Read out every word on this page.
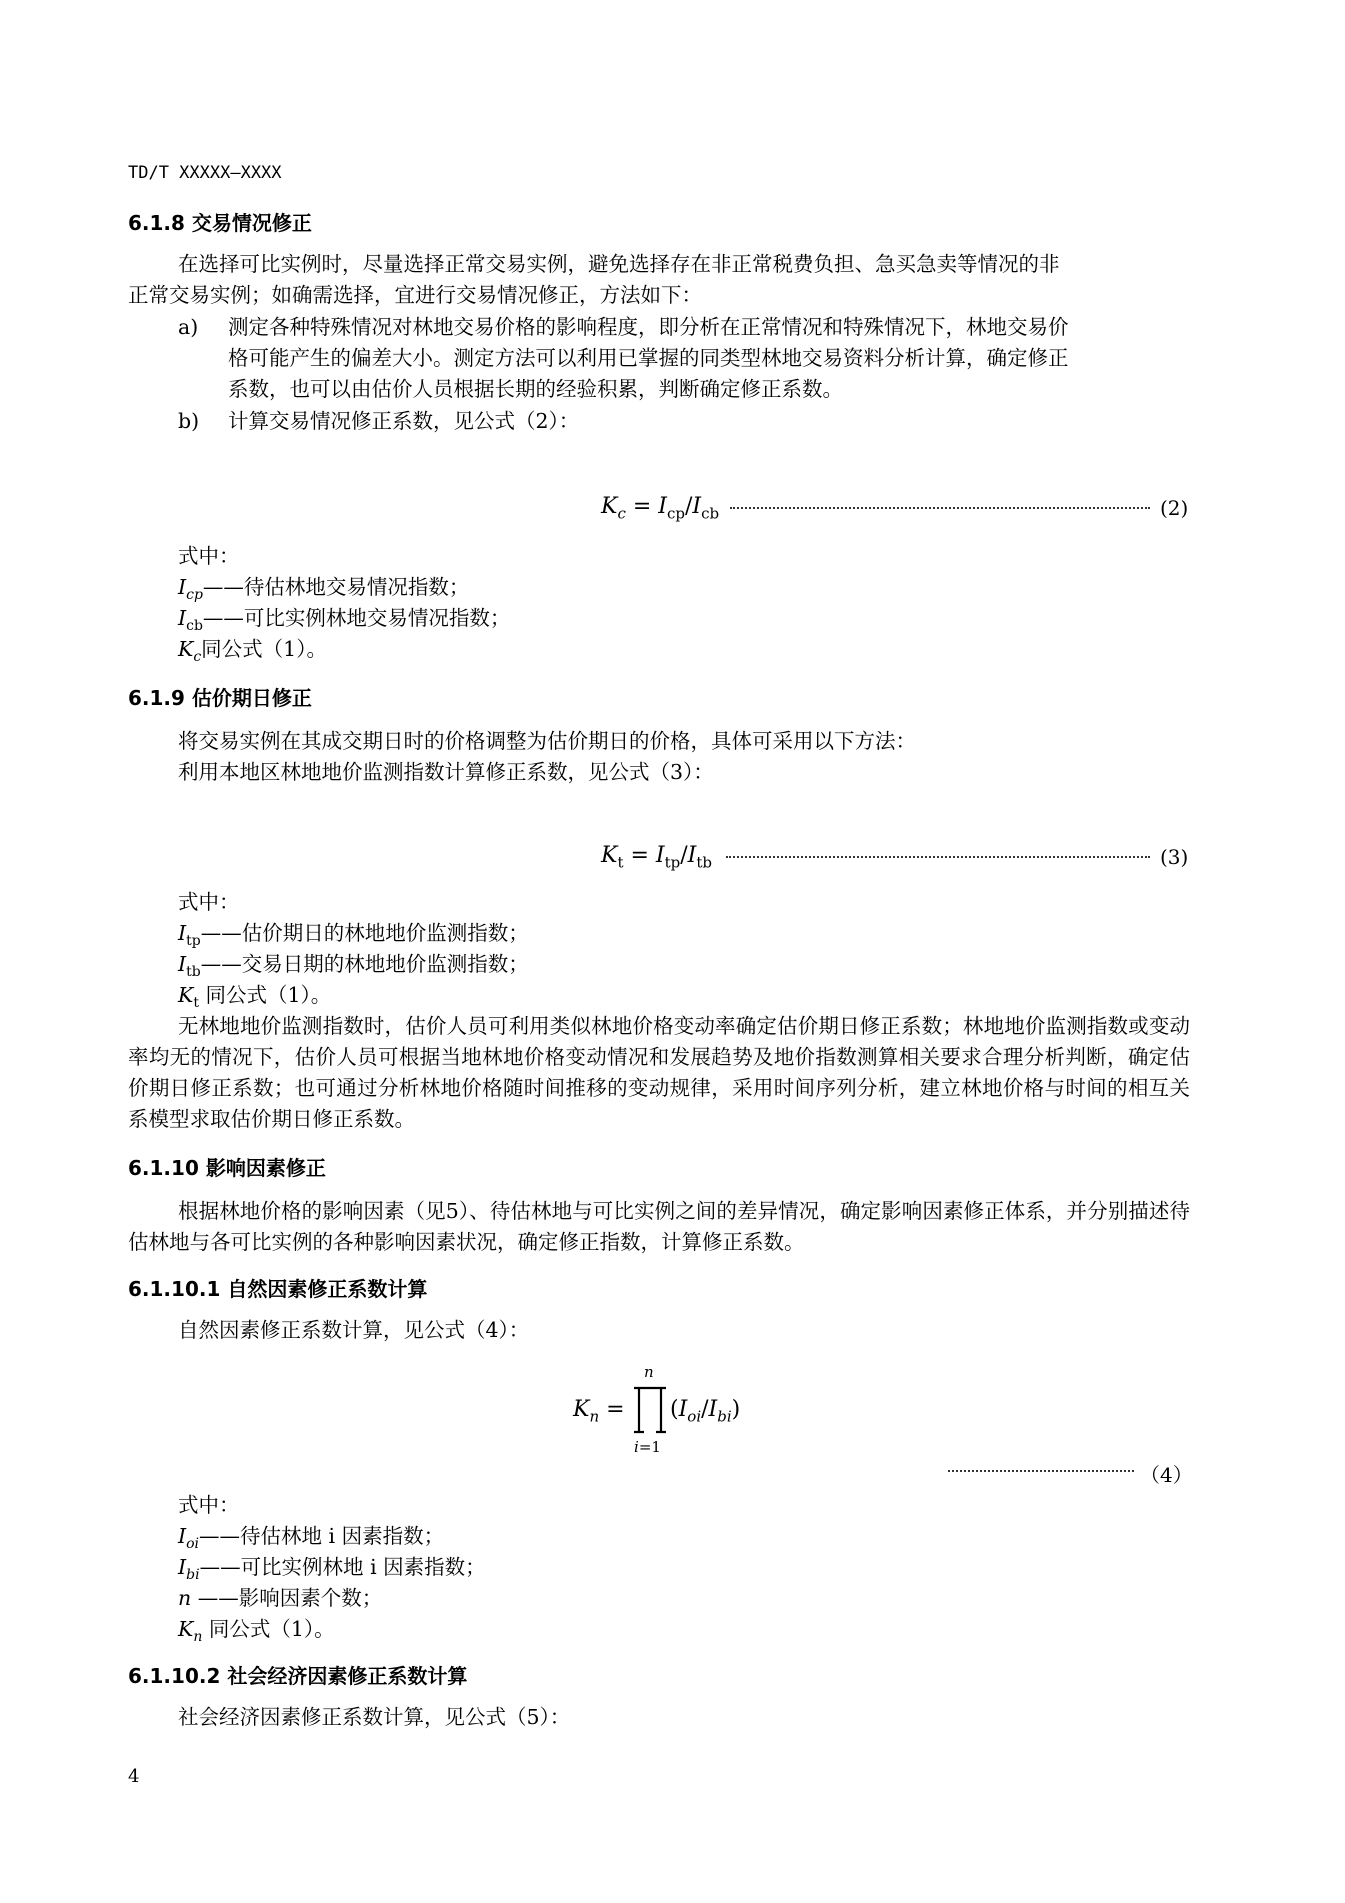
TD/T XXXXX—XXXX
6.1.8 交易情况修正
在选择可比实例时，尽量选择正常交易实例，避免选择存在非正常税费负担、急买急卖等情况的非
正常交易实例；如确需选择，宜进行交易情况修正，方法如下：
a) 测定各种特殊情况对林地交易价格的影响程度，即分析在正常情况和特殊情况下，林地交易价
格可能产生的偏差大小。测定方法可以利用已掌握的同类型林地交易资料分析计算，确定修正
系数，也可以由估价人员根据长期的经验积累，判断确定修正系数。
b) 计算交易情况修正系数，见公式（2）：
$K_c = I_{cp}/I_{cb}$	(2)
式中：
$I_{cp}——$待估林地交易情况指数；
$I_{cb}——$可比实例林地交易情况指数；
$K_c$同公式（1）。
6.1.9 估价期日修正
将交易实例在其成交期日时的价格调整为估价期日的价格，具体可采用以下方法：
利用本地区林地地价监测指数计算修正系数，见公式（3）：
$K_t = I_{tp}/I_{tb}$	(3)
式中：
$I_{tp}——$估价期日的林地地价监测指数；
$I_{tb}——$交易日期的林地地价监测指数；
$K_t$ 同公式（1）。
无林地地价监测指数时，估价人员可利用类似林地价格变动率确定估价期日修正系数；林地地价监测指数或变动率均无的情况下，估价人员可根据当地林地价格变动情况和发展趋势及地价指数测算相关要求合理分析判断，确定估价期日修正系数；也可通过分析林地价格随时间推移的变动规律，采用时间序列分析，建立林地价格与时间的相互关系模型求取估价期日修正系数。
6.1.10 影响因素修正
根据林地价格的影响因素（见5）、待估林地与可比实例之间的差异情况，确定影响因素修正体系，并分别描述待估林地与各可比实例的各种影响因素状况，确定修正指数，计算修正系数。
6.1.10.1 自然因素修正系数计算
自然因素修正系数计算，见公式（4）：
$K_n$ =
n
i=1
$(I_{oi}/I_{bi})$
（4）
式中：
$I_{oi}——$待估林地 i 因素指数；
$I_{bi}——$可比实例林地 i 因素指数；
n ——影响因素个数；
$K_n$ 同公式（1）。
6.1.10.2 社会经济因素修正系数计算
社会经济因素修正系数计算，见公式（5）：
4
